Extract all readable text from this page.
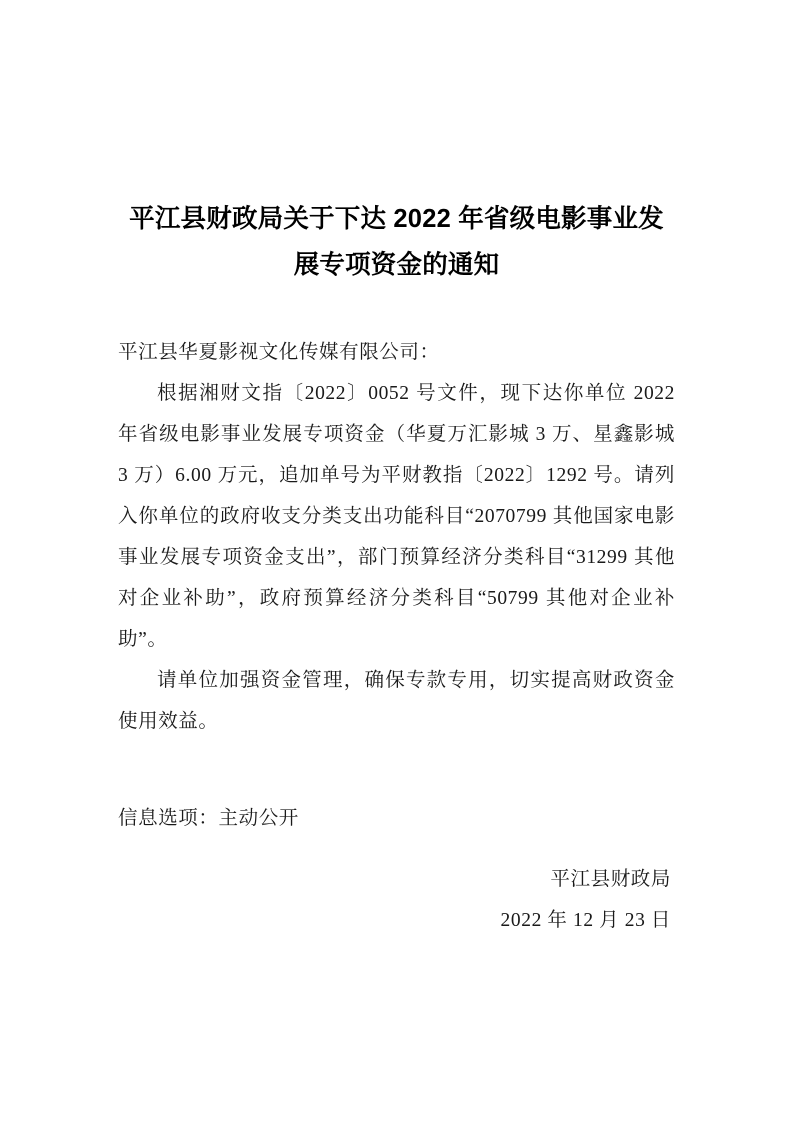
平江县财政局关于下达 2022 年省级电影事业发展专项资金的通知

平江县华夏影视文化传媒有限公司：

根据湘财文指〔2022〕0052 号文件，现下达你单位 2022 年省级电影事业发展专项资金（华夏万汇影城 3 万、星鑫影城 3 万）6.00 万元，追加单号为平财教指〔2022〕1292 号。请列入你单位的政府收支分类支出功能科目“2070799 其他国家电影事业发展专项资金支出”，部门预算经济分类科目“31299 其他对企业补助”，政府预算经济分类科目“50799 其他对企业补助”。

请单位加强资金管理，确保专款专用，切实提高财政资金使用效益。

信息选项：主动公开
平江县财政局
2022 年 12 月 23 日
